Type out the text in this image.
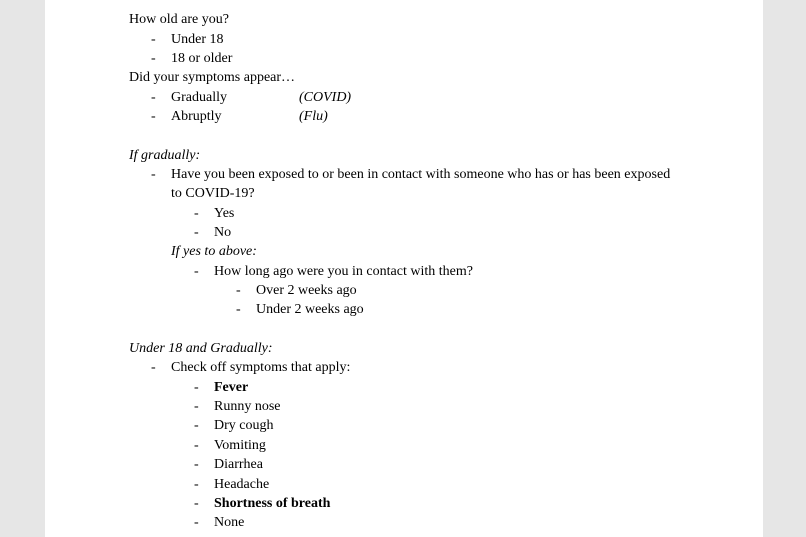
How old are you?
- Under 18
- 18 or older
Did your symptoms appear…
- Gradually	(COVID)
- Abruptly	(Flu)
If gradually:
- Have you been exposed to or been in contact with someone who has or has been exposed
to COVID-19?
- Yes
- No
If yes to above:
- How long ago were you in contact with them?
- Over 2 weeks ago
- Under 2 weeks ago
Under 18 and Gradually:
- Check off symptoms that apply:
- Fever
- Runny nose
- Dry cough
- Vomiting
- Diarrhea
- Headache
- Shortness of breath
- None
